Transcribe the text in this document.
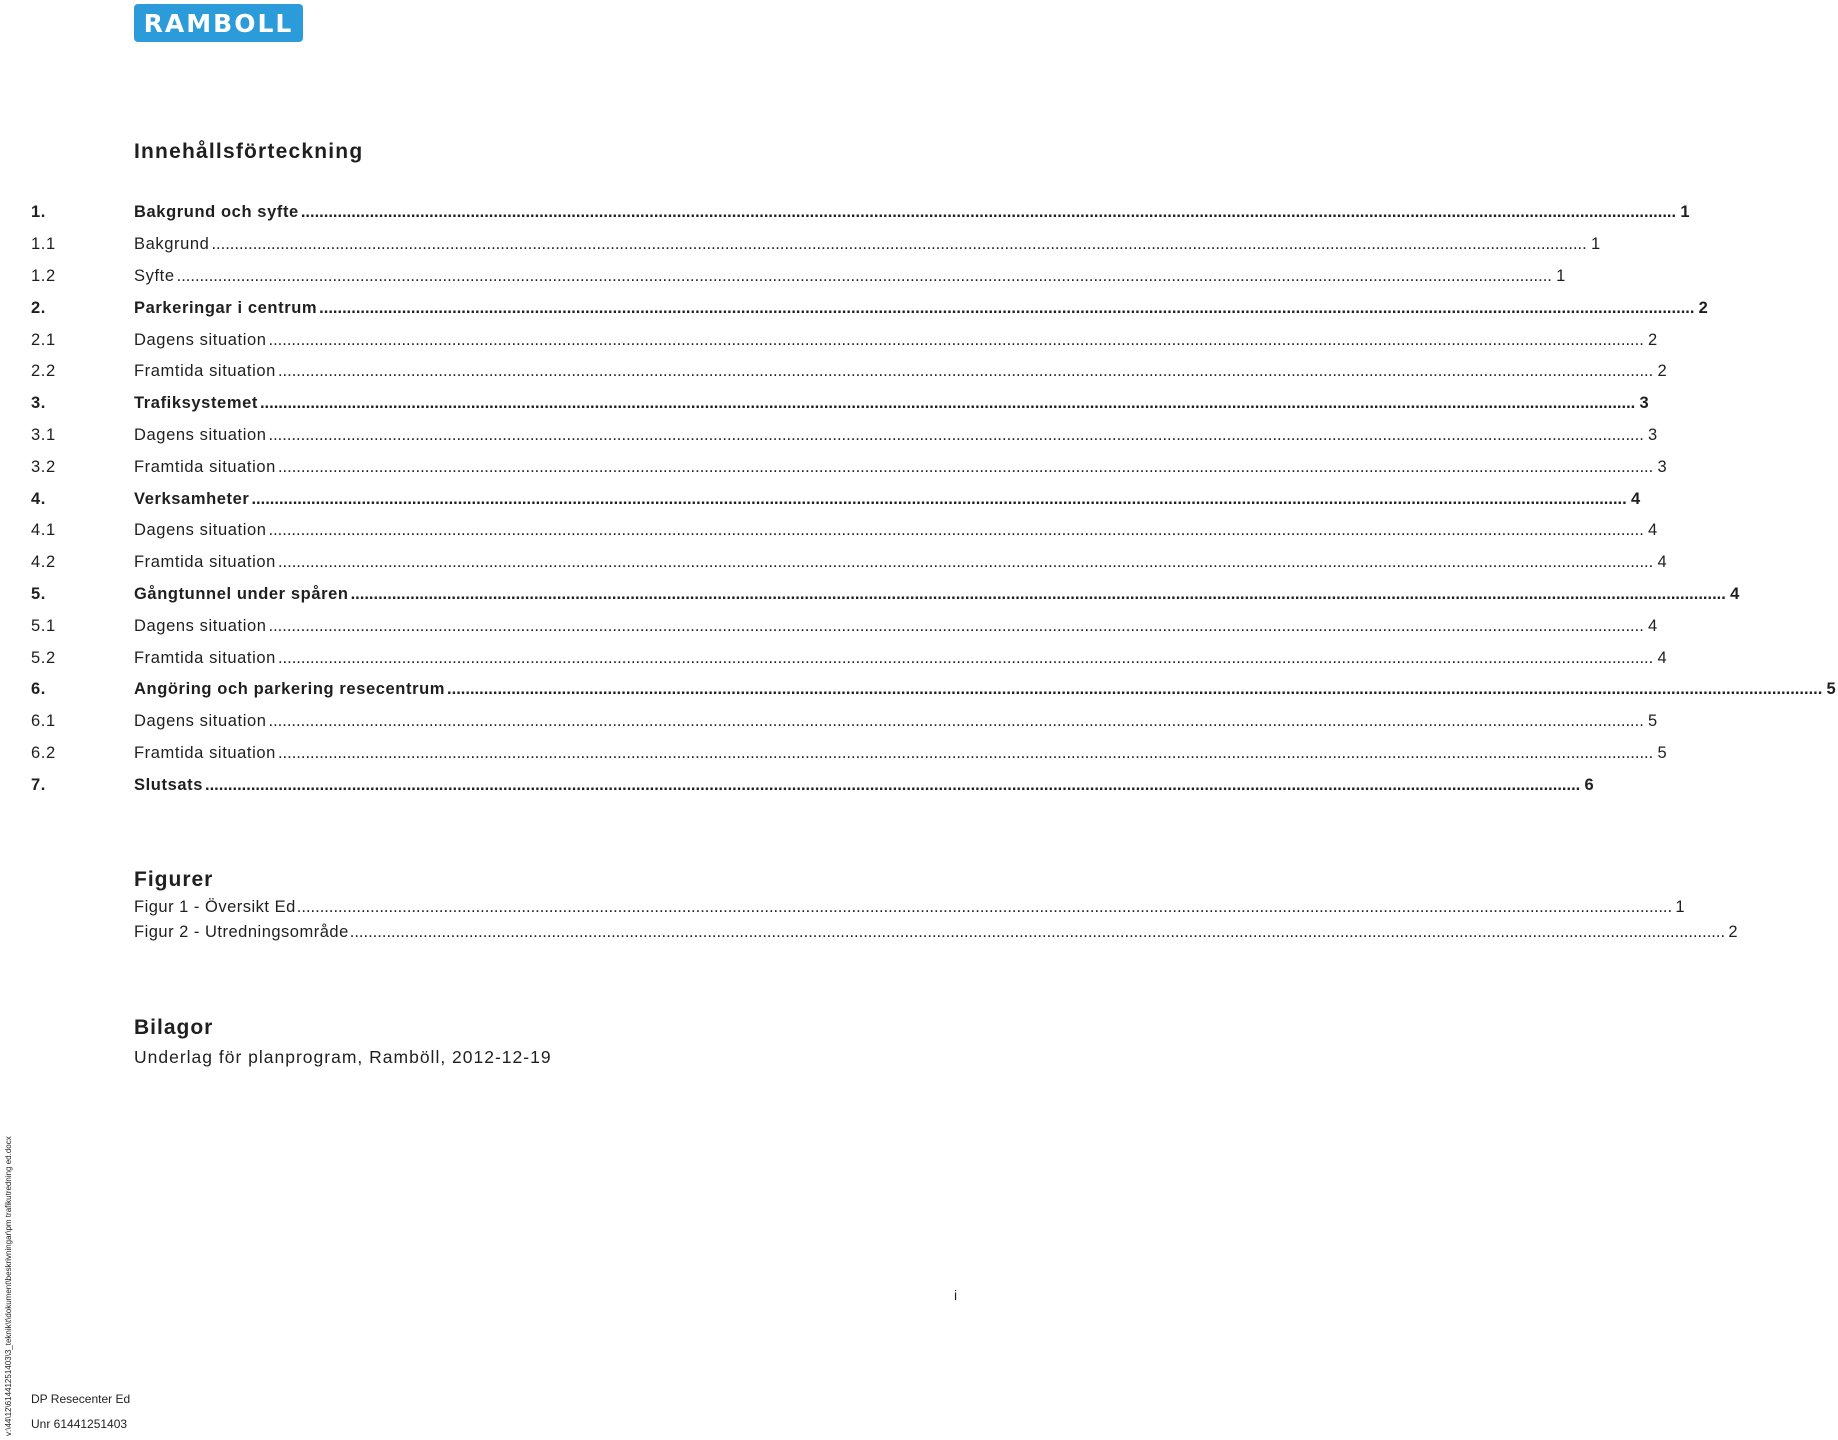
RAMBOLL
Innehållsförteckning
1.	Bakgrund och syfte ............................................................................................................................................................................................................................................................................................................ 1
1.1	Bakgrund ............................................................................................................................................................................................................................................................................................................ 1
1.2	Syfte ............................................................................................................................................................................................................................................................................................................ 1
2.	Parkeringar i centrum ............................................................................................................................................................................................................................................................................................................ 2
2.1	Dagens situation ............................................................................................................................................................................................................................................................................................................ 2
2.2	Framtida situation ............................................................................................................................................................................................................................................................................................................ 2
3.	Trafiksystemet ............................................................................................................................................................................................................................................................................................................ 3
3.1	Dagens situation ............................................................................................................................................................................................................................................................................................................ 3
3.2	Framtida situation ............................................................................................................................................................................................................................................................................................................ 3
4.	Verksamheter ............................................................................................................................................................................................................................................................................................................ 4
4.1	Dagens situation ............................................................................................................................................................................................................................................................................................................ 4
4.2	Framtida situation ............................................................................................................................................................................................................................................................................................................ 4
5.	Gångtunnel under spåren ............................................................................................................................................................................................................................................................................................................ 4
5.1	Dagens situation ............................................................................................................................................................................................................................................................................................................ 4
5.2	Framtida situation ............................................................................................................................................................................................................................................................................................................ 4
6.	Angöring och parkering resecentrum ............................................................................................................................................................................................................................................................................................................ 5
6.1	Dagens situation ............................................................................................................................................................................................................................................................................................................ 5
6.2	Framtida situation ............................................................................................................................................................................................................................................................................................................ 5
7.	Slutsats ............................................................................................................................................................................................................................................................................................................ 6
Figurer
Figur 1 - Översikt Ed ............................................................................................................................................................................................................................................................................................................ 1
Figur 2 - Utredningsområde ............................................................................................................................................................................................................................................................................................................ 2
Bilagor

Underlag för planprogram, Ramböll, 2012-12-19

v:\44\12\61441251403\3_teknik\t\dokument\beskrivningar\pm trafikutredning ed.docx	i
DP Resecenter Ed
Unr 61441251403
